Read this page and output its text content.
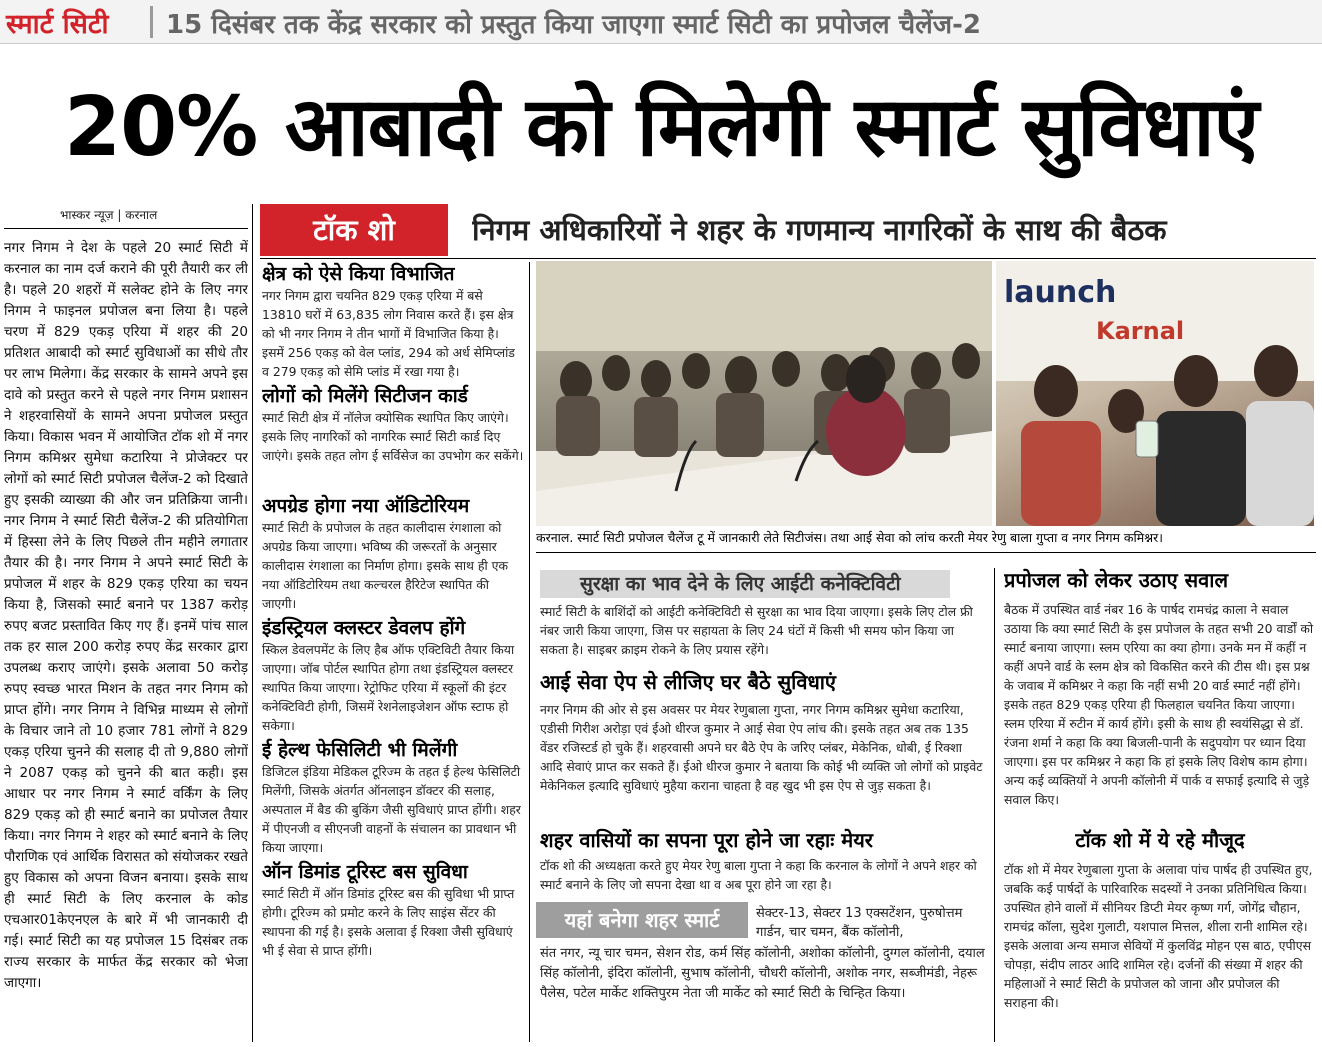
स्मार्ट सिटी 15 दिसंबर तक केंद्र सरकार को प्रस्तुत किया जाएगा स्मार्ट सिटी का प्रपोजल चैलेंज-2
20% आबादी को मिलेगी स्मार्ट सुविधाएं
भास्कर न्यूज़ | करनाल
नगर निगम ने देश के पहले 20 स्मार्ट सिटी में करनाल का नाम दर्ज कराने की पूरी तैयारी कर ली है। पहले 20 शहरों में सलेक्ट होने के लिए नगर निगम ने फाइनल प्रपोजल बना लिया है। पहले चरण में 829 एकड़ एरिया में शहर की 20 प्रतिशत आबादी को स्मार्ट सुविधाओं का सीधे तौर पर लाभ मिलेगा। केंद्र सरकार के सामने अपने इस दावे को प्रस्तुत करने से पहले नगर निगम प्रशासन ने शहरवासियों के सामने अपना प्रपोजल प्रस्तुत किया। विकास भवन में आयोजित टॉक शो में नगर निगम कमिश्नर सुमेधा कटारिया ने प्रोजेक्टर पर लोगों को स्मार्ट सिटी प्रपोजल चैलेंज-2 को दिखाते हुए इसकी व्याख्या की और जन प्रतिक्रिया जानी। नगर निगम ने स्मार्ट सिटी चैलेंज-2 की प्रतियोगिता में हिस्सा लेने के लिए पिछले तीन महीने लगातार तैयार की है। नगर निगम ने अपने स्मार्ट सिटी के प्रपोजल में शहर के 829 एकड़ एरिया का चयन किया है, जिसको स्मार्ट बनाने पर 1387 करोड़ रुपए बजट प्रस्तावित किए गए हैं। इनमें पांच साल तक हर साल 200 करोड़ रुपए केंद्र सरकार द्वारा उपलब्ध कराए जाएंगे। इसके अलावा 50 करोड़ रुपए स्वच्छ भारत मिशन के तहत नगर निगम को प्राप्त होंगे। नगर निगम ने विभिन्न माध्यम से लोगों के विचार जाने तो 10 हजार 781 लोगों ने 829 एकड़ एरिया चुनने की सलाह दी तो 9,880 लोगों ने 2087 एकड़ को चुनने की बात कही। इस आधार पर नगर निगम ने स्मार्ट वर्किंग के लिए 829 एकड़ को ही स्मार्ट बनाने का प्रपोजल तैयार किया। नगर निगम ने शहर को स्मार्ट बनाने के लिए पौराणिक एवं आर्थिक विरासत को संयोजकर रखते हुए विकास को अपना विजन बनाया। इसके साथ ही स्मार्ट सिटी के लिए करनाल के कोड एचआर01केएनएल के बारे में भी जानकारी दी गई। स्मार्ट सिटी का यह प्रपोजल 15 दिसंबर तक राज्य सरकार के मार्फत केंद्र सरकार को भेजा जाएगा।
टॉक शो	निगम अधिकारियों ने शहर के गणमान्य नागरिकों के साथ की बैठक
क्षेत्र को ऐसे किया विभाजित
नगर निगम द्वारा चयनित 829 एकड़ एरिया में बसे 13810 घरों में 63,835 लोग निवास करते हैं। इस क्षेत्र को भी नगर निगम ने तीन भागों में विभाजित किया है। इसमें 256 एकड़ को वेल प्लांड, 294 को अर्ध सेमिप्लांड व 279 एकड़ को सेमि प्लांड में रखा गया है।
लोगों को मिलेंगे सिटीजन कार्ड
स्मार्ट सिटी क्षेत्र में नॉलेज क्योसिक स्थापित किए जाएंगे। इसके लिए नागरिकों को नागरिक स्मार्ट सिटी कार्ड दिए जाएंगे। इसके तहत लोग ई सर्विसेज का उपभोग कर सकेंगे।
अपग्रेड होगा नया ऑडिटोरियम
स्मार्ट सिटी के प्रपोजल के तहत कालीदास रंगशाला को अपग्रेड किया जाएगा। भविष्य की जरूरतों के अनुसार कालीदास रंगशाला का निर्माण होगा। इसके साथ ही एक नया ऑडिटोरियम तथा कल्चरल हैरिटेज स्थापित की जाएगी।
इंडस्ट्रियल क्लस्टर डेवलप होंगे
स्किल डेवलपमेंट के लिए हैब ऑफ एक्टिविटी तैयार किया जाएगा। जॉब पोर्टल स्थापित होगा तथा इंडस्ट्रियल क्लस्टर स्थापित किया जाएगा। रेट्रोफिट एरिया में स्कूलों की इंटर कनेक्टिविटी होगी, जिसमें रेशनेलाइजेशन ऑफ स्टाफ हो सकेगा।
ई हेल्थ फेसिलिटी भी मिलेंगी
डिजिटल इंडिया मेडिकल टूरिज्म के तहत ई हेल्थ फेसिलिटी मिलेंगी, जिसके अंतर्गत ऑनलाइन डॉक्टर की सलाह, अस्पताल में बैड की बुकिंग जैसी सुविधाएं प्राप्त होंगी। शहर में पीएनजी व सीएनजी वाहनों के संचालन का प्रावधान भी किया जाएगा।
ऑन डिमांड टूरिस्ट बस सुविधा
स्मार्ट सिटी में ऑन डिमांड टूरिस्ट बस की सुविधा भी प्राप्त होगी। टूरिज्म को प्रमोट करने के लिए साइंस सेंटर की स्थापना की गई है। इसके अलावा ई रिक्शा जैसी सुविधाएं भी ई सेवा से प्राप्त होंगी।
launch
Karnal
करनाल. स्मार्ट सिटी प्रपोजल चैलेंज टू में जानकारी लेते सिटीजंस। तथा आई सेवा को लांच करती मेयर रेणु बाला गुप्ता व नगर निगम कमिश्नर।
सुरक्षा का भाव देने के लिए आईटी कनेक्टिविटी
स्मार्ट सिटी के बाशिंदों को आईटी कनेक्टिविटी से सुरक्षा का भाव दिया जाएगा। इसके लिए टोल फ्री नंबर जारी किया जाएगा, जिस पर सहायता के लिए 24 घंटों में किसी भी समय फोन किया जा सकता है। साइबर क्राइम रोकने के लिए प्रयास रहेंगे।
आई सेवा ऐप से लीजिए घर बैठे सुविधाएं
नगर निगम की ओर से इस अवसर पर मेयर रेणुबाला गुप्ता, नगर निगम कमिश्नर सुमेधा कटारिया, एडीसी गिरीश अरोड़ा एवं ईओ धीरज कुमार ने आई सेवा ऐप लांच की। इसके तहत अब तक 135 वेंडर रजिस्टर्ड हो चुके हैं। शहरवासी अपने घर बैठे ऐप के जरिए प्लंबर, मेकेनिक, धोबी, ई रिक्शा आदि सेवाएं प्राप्त कर सकते हैं। ईओ धीरज कुमार ने बताया कि कोई भी व्यक्ति जो लोगों को प्राइवेट मेकेनिकल इत्यादि सुविधाएं मुहैया कराना चाहता है वह खुद भी इस ऐप से जुड़ सकता है।
शहर वासियों का सपना पूरा होने जा रहाः मेयर
टॉक शो की अध्यक्षता करते हुए मेयर रेणु बाला गुप्ता ने कहा कि करनाल के लोगों ने अपने शहर को स्मार्ट बनाने के लिए जो सपना देखा था व अब पूरा होने जा रहा है।
यहां बनेगा शहर स्मार्ट	सेक्टर-13, सेक्टर 13 एक्सटेंशन, पुरुषोत्तम गार्डन, चार चमन, बैंक कॉलोनी,
संत नगर, न्यू चार चमन, सेशन रोड, कर्म सिंह कॉलोनी, अशोका कॉलोनी, दुग्गल कॉलोनी, दयाल सिंह कॉलोनी, इंदिरा कॉलोनी, सुभाष कॉलोनी, चौधरी कॉलोनी, अशोक नगर, सब्जीमंडी, नेहरू पैलेस, पटेल मार्केट शक्तिपुरम नेता जी मार्केट को स्मार्ट सिटी के चिन्हित किया।
प्रपोजल को लेकर उठाए सवाल
बैठक में उपस्थित वार्ड नंबर 16 के पार्षद रामचंद्र काला ने सवाल उठाया कि क्या स्मार्ट सिटी के इस प्रपोजल के तहत सभी 20 वार्डों को स्मार्ट बनाया जाएगा। स्लम एरिया का क्या होगा। उनके मन में कहीं न कहीं अपने वार्ड के स्लम क्षेत्र को विकसित करने की टीस थी। इस प्रश्न के जवाब में कमिश्नर ने कहा कि नहीं सभी 20 वार्ड स्मार्ट नहीं होंगे। इसके तहत 829 एकड़ एरिया ही फिलहाल चयनित किया जाएगा। स्लम एरिया में रुटीन में कार्य होंगे। इसी के साथ ही स्वयंसिद्धा से डॉ. रंजना शर्मा ने कहा कि क्या बिजली-पानी के सदुपयोग पर ध्यान दिया जाएगा। इस पर कमिश्नर ने कहा कि हां इसके लिए विशेष काम होगा। अन्य कई व्यक्तियों ने अपनी कॉलोनी में पार्क व सफाई इत्यादि से जुड़े सवाल किए।
टॉक शो में ये रहे मौजूद
टॉक शो में मेयर रेणुबाला गुप्ता के अलावा पांच पार्षद ही उपस्थित हुए, जबकि कई पार्षदों के पारिवारिक सदस्यों ने उनका प्रतिनिधित्व किया। उपस्थित होने वालों में सीनियर डिप्टी मेयर कृष्ण गर्ग, जोगेंद्र चौहान, रामचंद्र कॉला, सुदेश गुलाटी, यशपाल मित्तल, शीला रानी शामिल रहे। इसके अलावा अन्य समाज सेवियों में कुलविंद्र मोहन एस बाठ, एपीएस चोपड़ा, संदीप लाठर आदि शामिल रहे। दर्जनों की संख्या में शहर की महिलाओं ने स्मार्ट सिटी के प्रपोजल को जाना और प्रपोजल की सराहना की।
